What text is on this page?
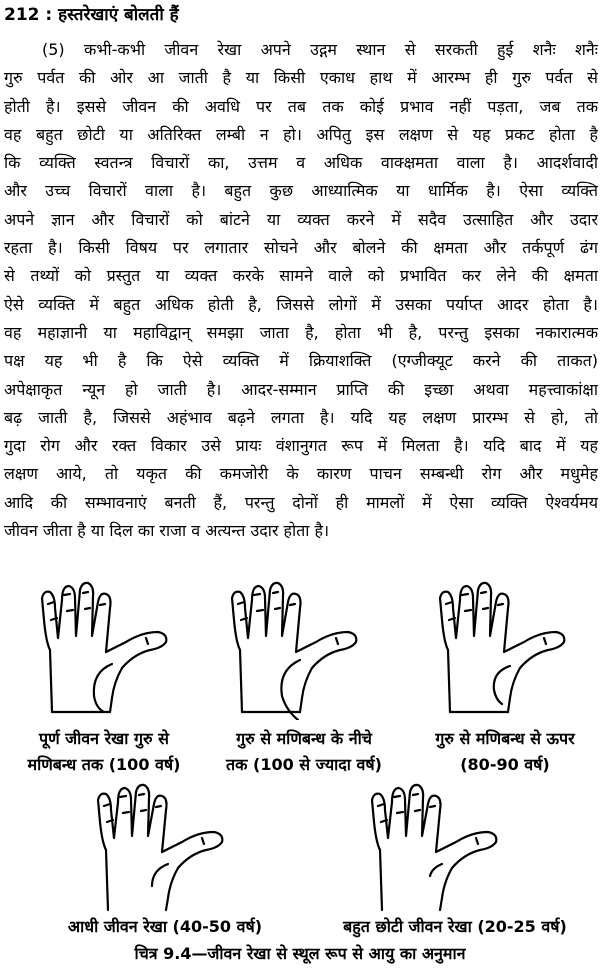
212 : हस्तरेखाएं बोलती हैं
(5) कभी-कभी जीवन रेखा अपने उद्गम स्थान से सरकती हुई शनैः शनैः
गुरु पर्वत की ओर आ जाती है या किसी एकाध हाथ में आरम्भ ही गुरु पर्वत से
होती है। इससे जीवन की अवधि पर तब तक कोई प्रभाव नहीं पड़ता, जब तक
वह बहुत छोटी या अतिरिक्त लम्बी न हो। अपितु इस लक्षण से यह प्रकट होता है
कि व्यक्ति स्वतन्त्र विचारों का, उत्तम व अधिक वाक्क्षमता वाला है। आदर्शवादी
और उच्च विचारों वाला है। बहुत कुछ आध्यात्मिक या धार्मिक है। ऐसा व्यक्ति
अपने ज्ञान और विचारों को बांटने या व्यक्त करने में सदैव उत्साहित और उदार
रहता है। किसी विषय पर लगातार सोचने और बोलने की क्षमता और तर्कपूर्ण ढंग
से तथ्यों को प्रस्तुत या व्यक्त करके सामने वाले को प्रभावित कर लेने की क्षमता
ऐसे व्यक्ति में बहुत अधिक होती है, जिससे लोगों में उसका पर्याप्त आदर होता है।
वह महाज्ञानी या महाविद्वान् समझा जाता है, होता भी है, परन्तु इसका नकारात्मक
पक्ष यह भी है कि ऐसे व्यक्ति में क्रियाशक्ति (एग्जीक्यूट करने की ताकत)
अपेक्षाकृत न्यून हो जाती है। आदर-सम्मान प्राप्ति की इच्छा अथवा महत्त्वाकांक्षा
बढ़ जाती है, जिससे अहंभाव बढ़ने लगता है। यदि यह लक्षण प्रारम्भ से हो, तो
गुदा रोग और रक्त विकार उसे प्रायः वंशानुगत रूप में मिलता है। यदि बाद में यह
लक्षण आये, तो यकृत की कमजोरी के कारण पाचन सम्बन्धी रोग और मधुमेह
आदि की सम्भावनाएं बनती हैं, परन्तु दोनों ही मामलों में ऐसा व्यक्ति ऐश्वर्यमय
जीवन जीता है या दिल का राजा व अत्यन्त उदार होता है।
पूर्ण जीवन रेखा गुरु से
मणिबन्ध तक (100 वर्ष)
गुरु से मणिबन्ध के नीचे
तक (100 से ज्यादा वर्ष)
गुरु से मणिबन्ध से ऊपर
(80-90 वर्ष)
आधी जीवन रेखा (40-50 वर्ष)	बहुत छोटी जीवन रेखा (20-25 वर्ष)
चित्र 9.4—जीवन रेखा से स्थूल रूप से आयु का अनुमान
